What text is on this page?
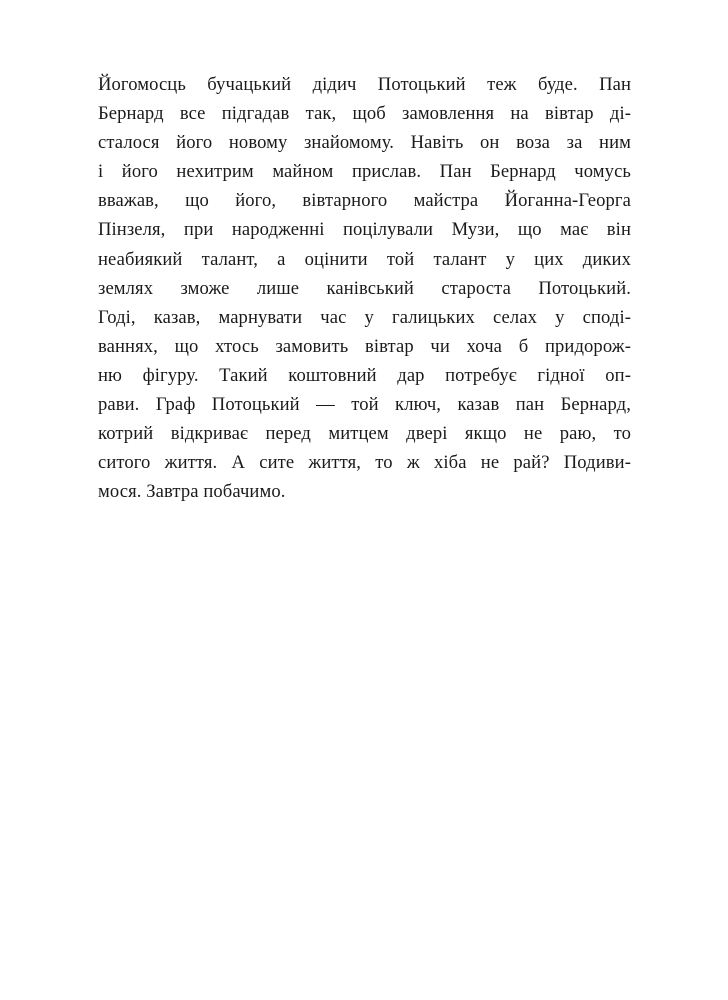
Йогомосць бучацький дідич Потоцький теж буде. Пан
Бернард все підгадав так, щоб замовлення на вівтар ді-
сталося його новому знайомому. Навіть он воза за ним
і його нехитрим майном прислав. Пан Бернард чомусь
вважав, що його, вівтарного майстра Йоганна-Георга
Пінзеля, при народженні поцілували Музи, що має він
неабиякий талант, а оцінити той талант у цих диких
землях зможе лише канівський староста Потоцький.
Годі, казав, марнувати час у галицьких селах у сподi-
ваннях, що хтось замовить вівтар чи хоча б придорож-
ню фігуру. Такий коштовний дар потребує гідної оп-
рави. Граф Потоцький — той ключ, казав пан Бернард,
котрий відкриває перед митцем двері якщо не раю, то
ситого життя. А сите життя, то ж хіба не рай? Подиви-
мося. Завтра побачимо.
